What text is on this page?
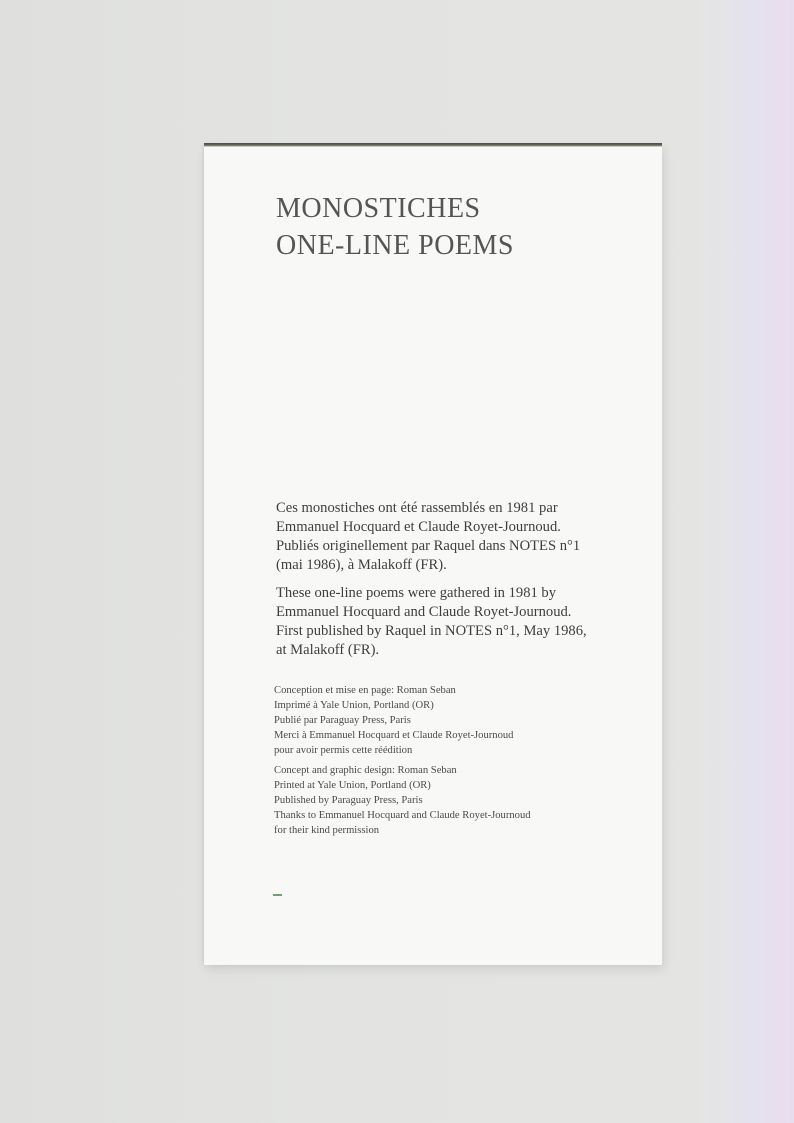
MONOSTICHES
ONE-LINE POEMS
Ces monostiches ont été rassemblés en 1981 par
Emmanuel Hocquard et Claude Royet-Journoud.
Publiés originellement par Raquel dans NOTES n°1
(mai 1986), à Malakoff (FR).
These one-line poems were gathered in 1981 by
Emmanuel Hocquard and Claude Royet-Journoud.
First published by Raquel in NOTES n°1, May 1986,
at Malakoff (FR).
Conception et mise en page: Roman Seban
Imprimé à Yale Union, Portland (OR)
Publié par Paraguay Press, Paris
Merci à Emmanuel Hocquard et Claude Royet-Journoud
pour avoir permis cette réédition
Concept and graphic design: Roman Seban
Printed at Yale Union, Portland (OR)
Published by Paraguay Press, Paris
Thanks to Emmanuel Hocquard and Claude Royet-Journoud
for their kind permission
